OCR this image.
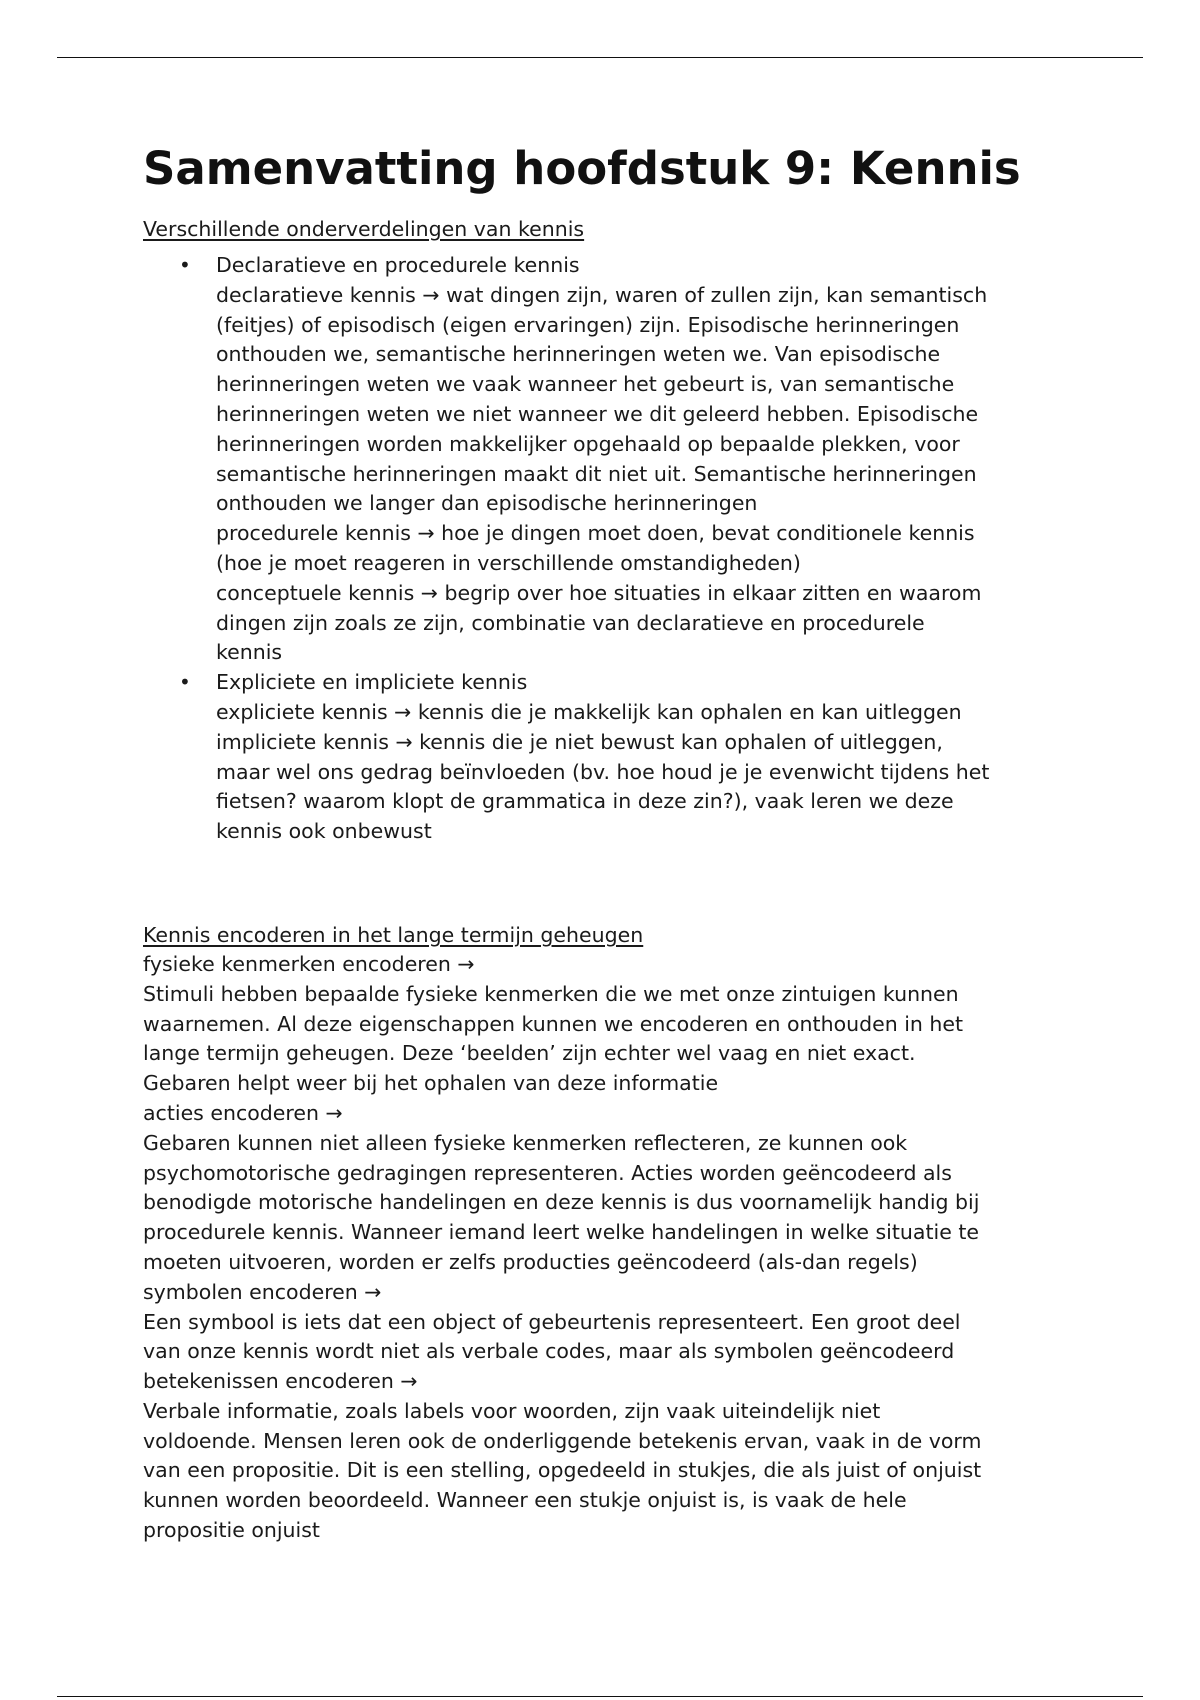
Samenvatting hoofdstuk 9: Kennis

Verschillende onderverdelingen van kennis

• Declaratieve en procedurele kennis
declaratieve kennis → wat dingen zijn, waren of zullen zijn, kan semantisch
(feitjes) of episodisch (eigen ervaringen) zijn. Episodische herinneringen
onthouden we, semantische herinneringen weten we. Van episodische
herinneringen weten we vaak wanneer het gebeurt is, van semantische
herinneringen weten we niet wanneer we dit geleerd hebben. Episodische
herinneringen worden makkelijker opgehaald op bepaalde plekken, voor
semantische herinneringen maakt dit niet uit. Semantische herinneringen
onthouden we langer dan episodische herinneringen
procedurele kennis → hoe je dingen moet doen, bevat conditionele kennis
(hoe je moet reageren in verschillende omstandigheden)
conceptuele kennis → begrip over hoe situaties in elkaar zitten en waarom
dingen zijn zoals ze zijn, combinatie van declaratieve en procedurele
kennis
• Expliciete en impliciete kennis
expliciete kennis → kennis die je makkelijk kan ophalen en kan uitleggen
impliciete kennis → kennis die je niet bewust kan ophalen of uitleggen,
maar wel ons gedrag beïnvloeden (bv. hoe houd je je evenwicht tijdens het
fietsen? waarom klopt de grammatica in deze zin?), vaak leren we deze
kennis ook onbewust

Kennis encoderen in het lange termijn geheugen

fysieke kenmerken encoderen →
Stimuli hebben bepaalde fysieke kenmerken die we met onze zintuigen kunnen
waarnemen. Al deze eigenschappen kunnen we encoderen en onthouden in het
lange termijn geheugen. Deze ‘beelden’ zijn echter wel vaag en niet exact.
Gebaren helpt weer bij het ophalen van deze informatie
acties encoderen →
Gebaren kunnen niet alleen fysieke kenmerken reflecteren, ze kunnen ook
psychomotorische gedragingen representeren. Acties worden geëncodeerd als
benodigde motorische handelingen en deze kennis is dus voornamelijk handig bij
procedurele kennis. Wanneer iemand leert welke handelingen in welke situatie te
moeten uitvoeren, worden er zelfs producties geëncodeerd (als-dan regels)
symbolen encoderen →
Een symbool is iets dat een object of gebeurtenis representeert. Een groot deel
van onze kennis wordt niet als verbale codes, maar als symbolen geëncodeerd
betekenissen encoderen →
Verbale informatie, zoals labels voor woorden, zijn vaak uiteindelijk niet
voldoende. Mensen leren ook de onderliggende betekenis ervan, vaak in de vorm
van een propositie. Dit is een stelling, opgedeeld in stukjes, die als juist of onjuist
kunnen worden beoordeeld. Wanneer een stukje onjuist is, is vaak de hele
propositie onjuist
